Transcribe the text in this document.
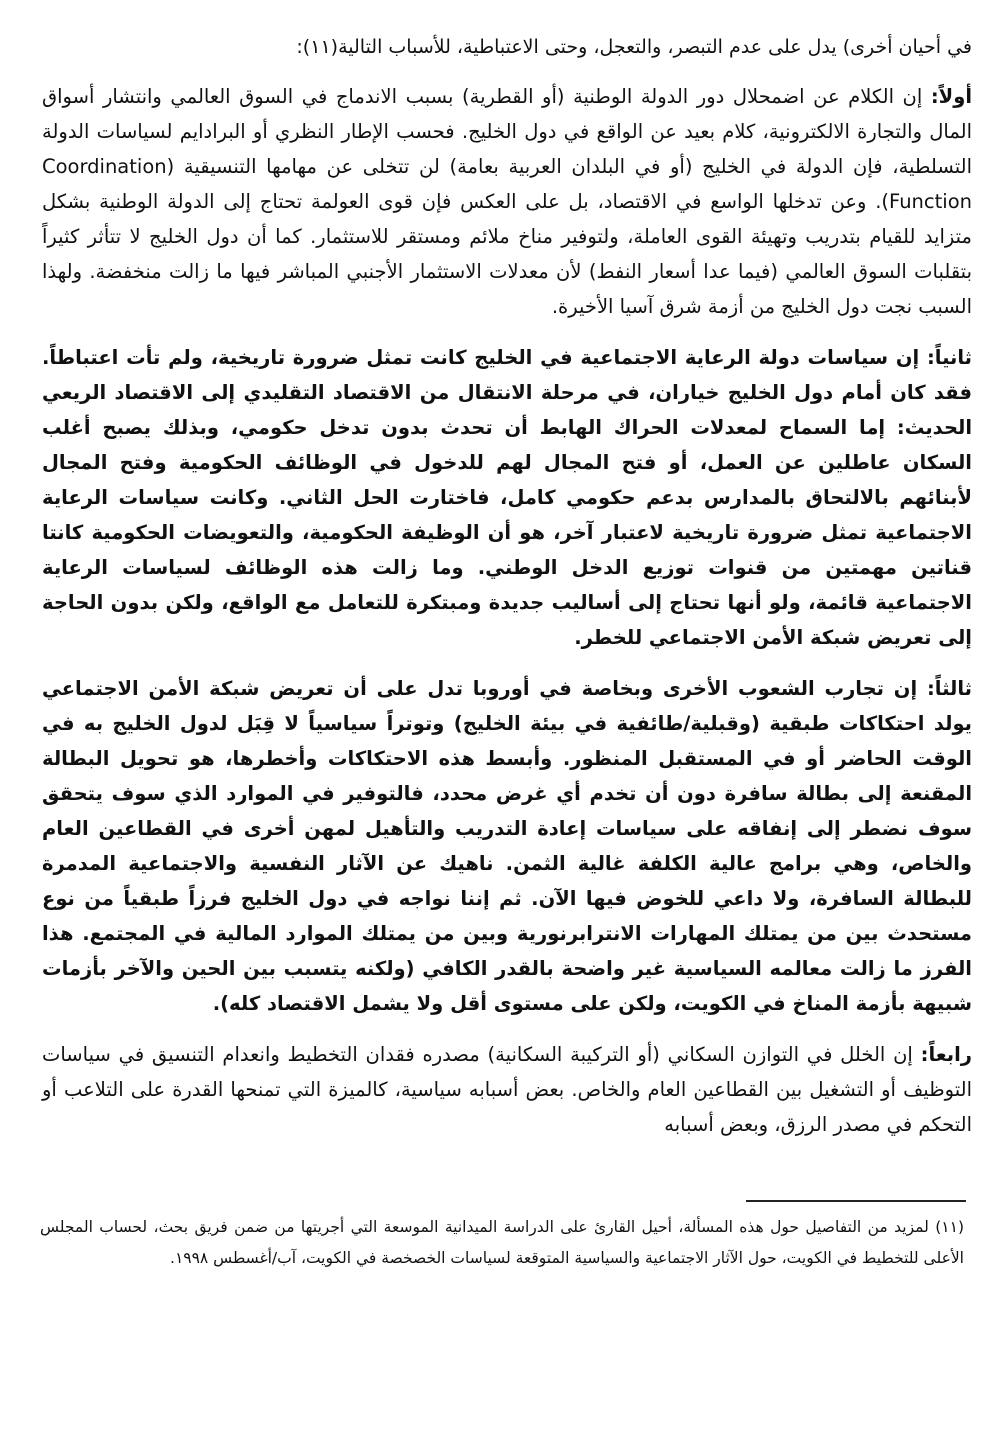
في أحيان أخرى) يدل على عدم التبصر، والتعجل، وحتى الاعتباطية، للأسباب التالية(١١):

أولاً: إن الكلام عن اضمحلال دور الدولة الوطنية (أو القطرية) بسبب الاندماج في السوق العالمي وانتشار أسواق المال والتجارة الالكترونية، كلام بعيد عن الواقع في دول الخليج. فحسب الإطار النظري أو البرادايم لسياسات الدولة التسلطية، فإن الدولة في الخليج (أو في البلدان العربية بعامة) لن تتخلى عن مهامها التنسيقية (Coordination Function). وعن تدخلها الواسع في الاقتصاد، بل على العكس فإن قوى العولمة تحتاج إلى الدولة الوطنية بشكل متزايد للقيام بتدريب وتهيئة القوى العاملة، ولتوفير مناخ ملائم ومستقر للاستثمار. كما أن دول الخليج لا تتأثر كثيراً بتقلبات السوق العالمي (فيما عدا أسعار النفط) لأن معدلات الاستثمار الأجنبي المباشر فيها ما زالت منخفضة. ولهذا السبب نجت دول الخليج من أزمة شرق آسيا الأخيرة.

ثانياً: إن سياسات دولة الرعاية الاجتماعية في الخليج كانت تمثل ضرورة تاريخية، ولم تأت اعتباطاً. فقد كان أمام دول الخليج خياران، في مرحلة الانتقال من الاقتصاد التقليدي إلى الاقتصاد الريعي الحديث: إما السماح لمعدلات الحراك الهابط أن تحدث بدون تدخل حكومي، وبذلك يصبح أغلب السكان عاطلين عن العمل، أو فتح المجال لهم للدخول في الوظائف الحكومية وفتح المجال لأبنائهم بالالتحاق بالمدارس بدعم حكومي كامل، فاختارت الحل الثاني. وكانت سياسات الرعاية الاجتماعية تمثل ضرورة تاريخية لاعتبار آخر، هو أن الوظيفة الحكومية، والتعويضات الحكومية كانتا قناتين مهمتين من قنوات توزيع الدخل الوطني. وما زالت هذه الوظائف لسياسات الرعاية الاجتماعية قائمة، ولو أنها تحتاج إلى أساليب جديدة ومبتكرة للتعامل مع الواقع، ولكن بدون الحاجة إلى تعريض شبكة الأمن الاجتماعي للخطر.

ثالثاً: إن تجارب الشعوب الأخرى وبخاصة في أوروبا تدل على أن تعريض شبكة الأمن الاجتماعي يولد احتكاكات طبقية (وقبلية/طائفية في بيئة الخليج) وتوتراً سياسياً لا قِبَل لدول الخليج به في الوقت الحاضر أو في المستقبل المنظور. وأبسط هذه الاحتكاكات وأخطرها، هو تحويل البطالة المقنعة إلى بطالة سافرة دون أن تخدم أي غرض محدد، فالتوفير في الموارد الذي سوف يتحقق سوف نضطر إلى إنفاقه على سياسات إعادة التدريب والتأهيل لمهن أخرى في القطاعين العام والخاص، وهي برامج عالية الكلفة غالية الثمن. ناهيك عن الآثار النفسية والاجتماعية المدمرة للبطالة السافرة، ولا داعي للخوض فيها الآن. ثم إننا نواجه في دول الخليج فرزاً طبقياً من نوع مستحدث بين من يمتلك المهارات الانترابرنورية وبين من يمتلك الموارد المالية في المجتمع. هذا الفرز ما زالت معالمه السياسية غير واضحة بالقدر الكافي (ولكنه يتسبب بين الحين والآخر بأزمات شبيهة بأزمة المناخ في الكويت، ولكن على مستوى أقل ولا يشمل الاقتصاد كله).

رابعاً: إن الخلل في التوازن السكاني (أو التركيبة السكانية) مصدره فقدان التخطيط وانعدام التنسيق في سياسات التوظيف أو التشغيل بين القطاعين العام والخاص. بعض أسبابه سياسية، كالميزة التي تمنحها القدرة على التلاعب أو التحكم في مصدر الرزق، وبعض أسبابه

(١١) لمزيد من التفاصيل حول هذه المسألة، أحيل القارئ على الدراسة الميدانية الموسعة التي أجريتها من ضمن فريق بحث، لحساب المجلس الأعلى للتخطيط في الكويت، حول الآثار الاجتماعية والسياسية المتوقعة لسياسات الخصخصة في الكويت، آب/أغسطس ١٩٩٨.
